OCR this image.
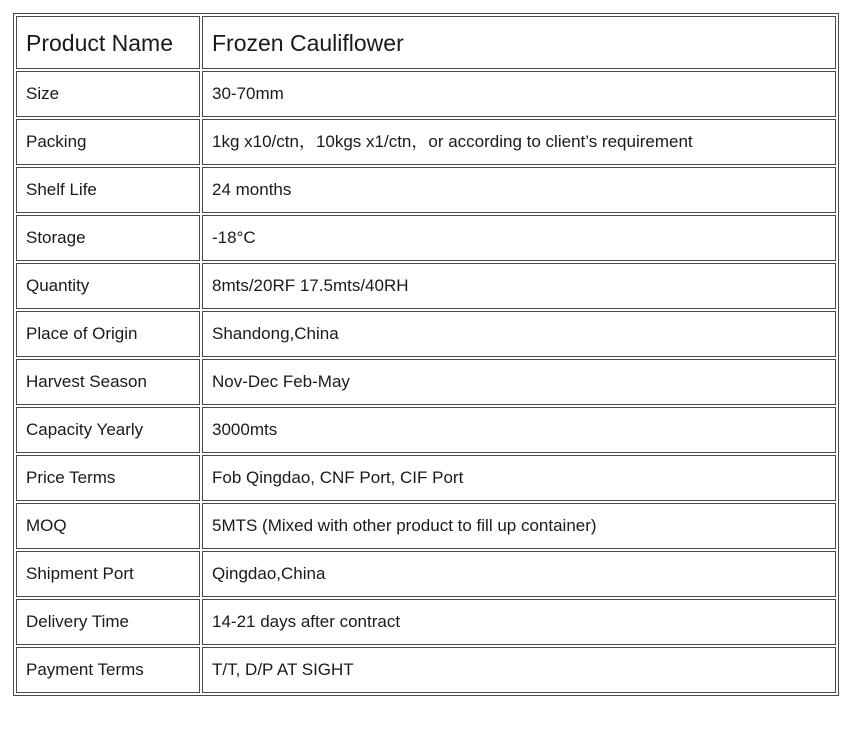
Product Name	Frozen Cauliflower
Size	30-70mm
Packing	1kg x10/ctn，10kgs x1/ctn，or according to client’s requirement
Shelf Life	24 months
Storage	-18°C
Quantity	8mts/20RF 17.5mts/40RH
Place of Origin	Shandong,China
Harvest Season	Nov-Dec Feb-May
Capacity Yearly	3000mts
Price Terms	Fob Qingdao, CNF Port, CIF Port
MOQ	5MTS (Mixed with other product to fill up container)
Shipment Port	Qingdao,China
Delivery Time	14-21 days after contract
Payment Terms	T/T, D/P AT SIGHT
